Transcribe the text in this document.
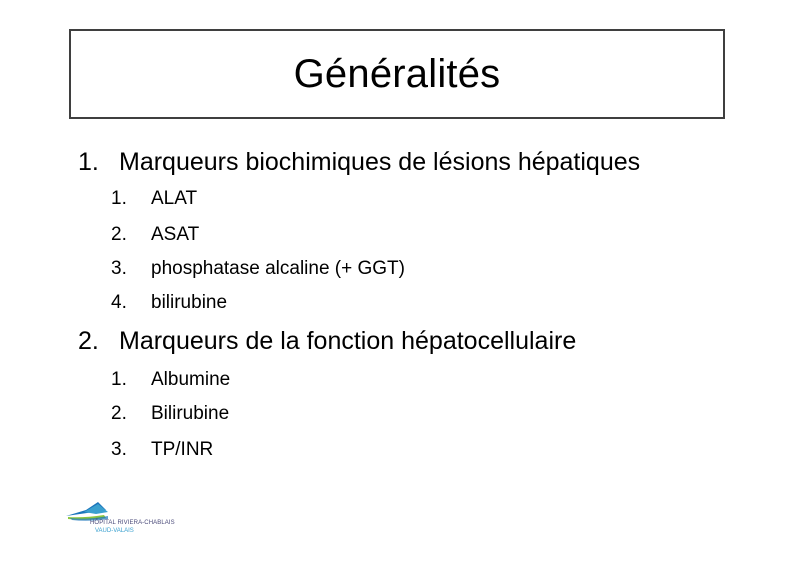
Généralités
1. Marqueurs biochimiques de lésions hépatiques
1.	ALAT
2.	ASAT
3.	phosphatase alcaline (+ GGT)
4.	bilirubine
2. Marqueurs de la fonction hépatocellulaire
1.	Albumine
2.	Bilirubine
3.	TP/INR
HÔPITAL RIVIERA-CHABLAIS
VAUD-VALAIS
